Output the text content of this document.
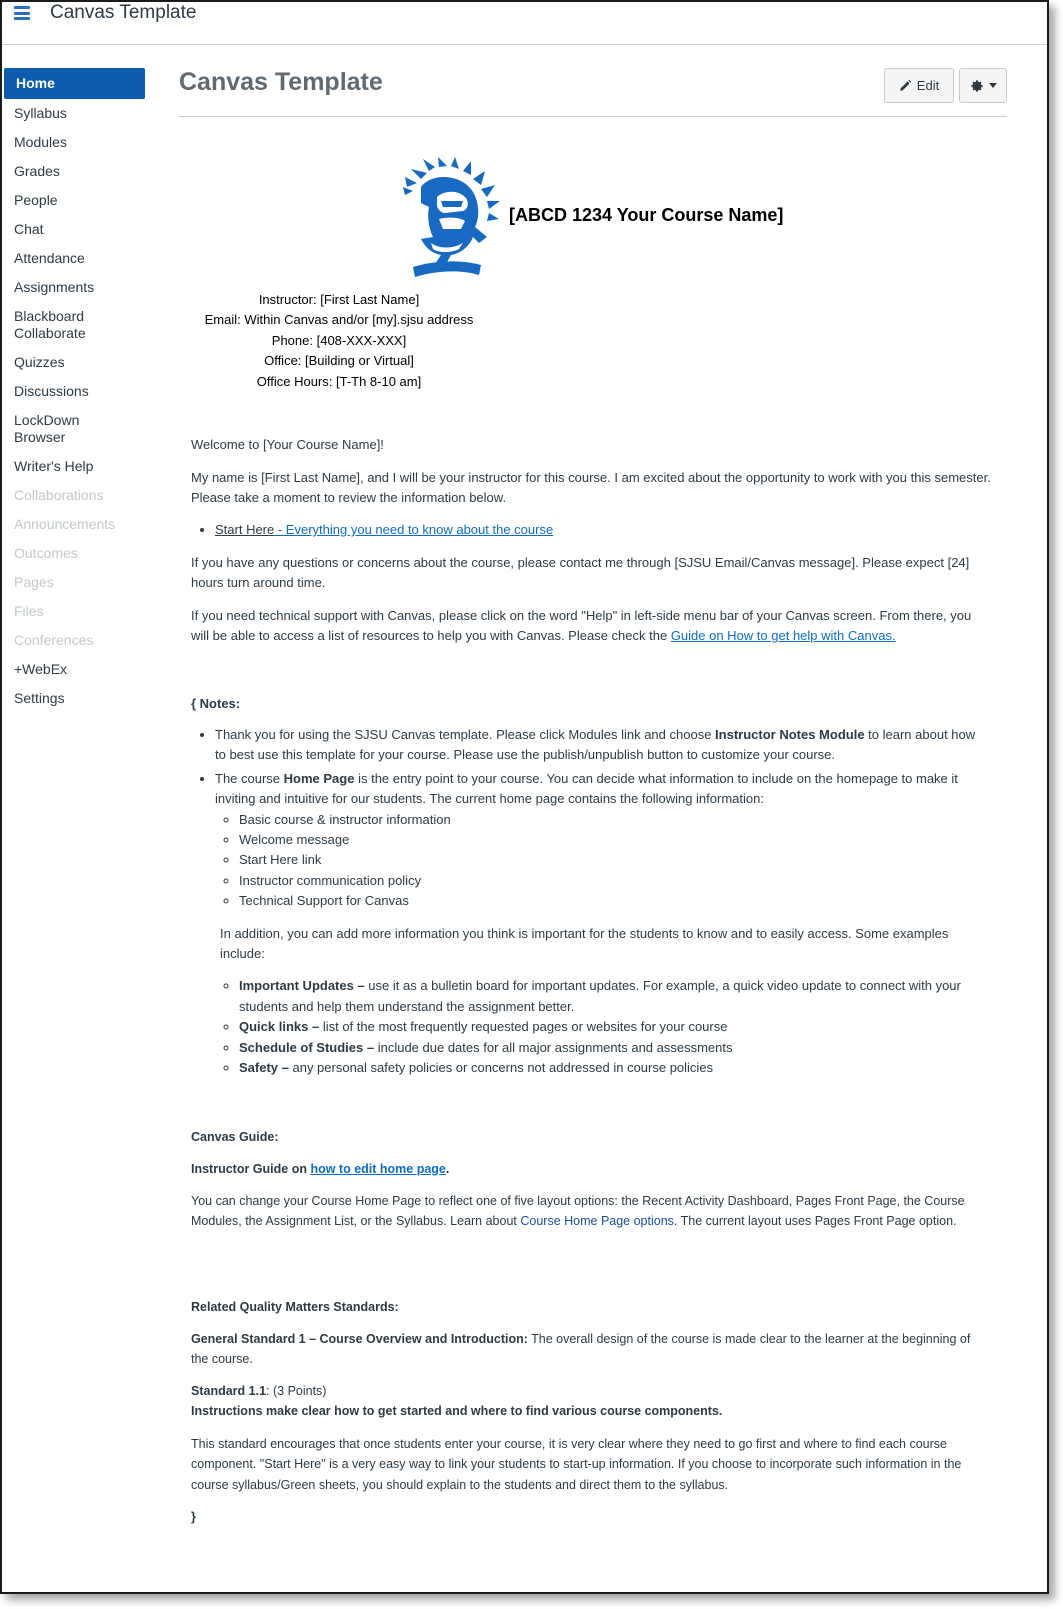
Canvas Template
Home
Syllabus
Modules
Grades
People
Chat
Attendance
Assignments
Blackboard Collaborate
Quizzes
Discussions
LockDown Browser
Writer's Help
Collaborations
Announcements
Outcomes
Pages
Files
Conferences
+WebEx
Settings
Canvas Template	Edit
[ABCD 1234 Your Course Name]
Instructor: [First Last Name]
Email: Within Canvas and/or [my].sjsu address
Phone: [408-XXX-XXX]
Office: [Building or Virtual]
Office Hours: [T-Th 8-10 am]
Welcome to [Your Course Name]!
My name is [First Last Name], and I will be your instructor for this course. I am excited about the opportunity to work with you this semester. Please take a moment to review the information below.
• Start Here - Everything you need to know about the course
If you have any questions or concerns about the course, please contact me through [SJSU Email/Canvas message]. Please expect [24] hours turn around time.
If you need technical support with Canvas, please click on the word "Help" in left-side menu bar of your Canvas screen. From there, you will be able to access a list of resources to help you with Canvas. Please check the Guide on How to get help with Canvas.
{ Notes:
• Thank you for using the SJSU Canvas template. Please click Modules link and choose Instructor Notes Module to learn about how to best use this template for your course. Please use the publish/unpublish button to customize your course.
• The course Home Page is the entry point to your course. You can decide what information to include on the homepage to make it inviting and intuitive for our students. The current home page contains the following information:
◦ Basic course & instructor information
◦ Welcome message
◦ Start Here link
◦ Instructor communication policy
◦ Technical Support for Canvas

In addition, you can add more information you think is important for the students to know and to easily access. Some examples include:

◦ Important Updates – use it as a bulletin board for important updates. For example, a quick video update to connect with your students and help them understand the assignment better.
◦ Quick links – list of the most frequently requested pages or websites for your course
◦ Schedule of Studies – include due dates for all major assignments and assessments
◦ Safety – any personal safety policies or concerns not addressed in course policies
Canvas Guide:
Instructor Guide on how to edit home page.
You can change your Course Home Page to reflect one of five layout options: the Recent Activity Dashboard, Pages Front Page, the Course Modules, the Assignment List, or the Syllabus. Learn about Course Home Page options. The current layout uses Pages Front Page option.
Related Quality Matters Standards:
General Standard 1 – Course Overview and Introduction: The overall design of the course is made clear to the learner at the beginning of the course.
Standard 1.1: (3 Points)
Instructions make clear how to get started and where to find various course components.
This standard encourages that once students enter your course, it is very clear where they need to go first and where to find each course component. "Start Here" is a very easy way to link your students to start-up information. If you choose to incorporate such information in the course syllabus/Green sheets, you should explain to the students and direct them to the syllabus.
}
